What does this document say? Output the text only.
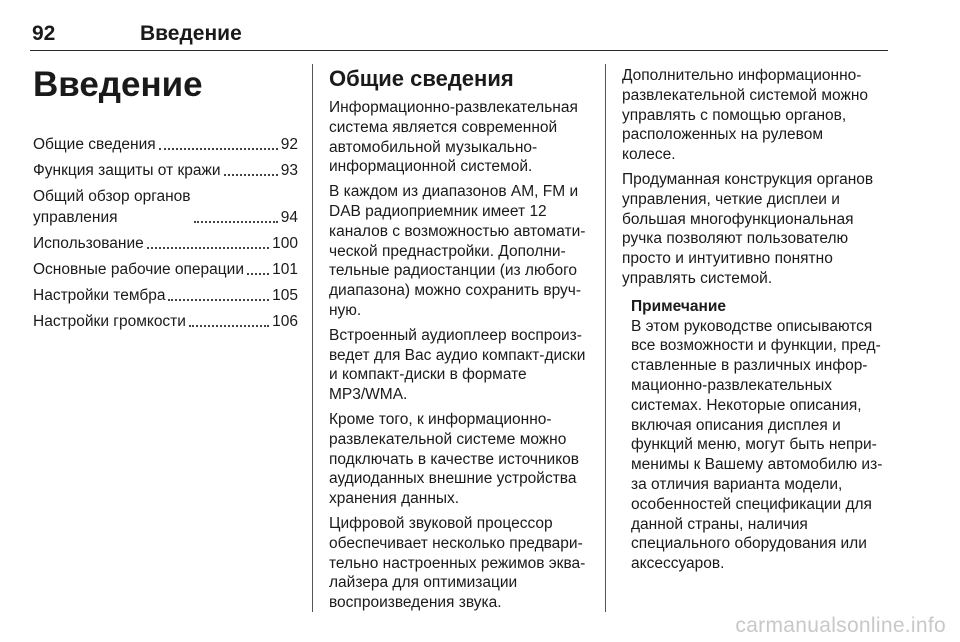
92	Введение
Введение
Общие сведения	92
Функция защиты от кражи	93
Общий обзор органов
управления	94
Использование	100
Основные рабочие операции 101
Настройки тембра	105
Настройки громкости	106
Общие сведения

Информационно-развлекательная
система является современной
автомобильной музыкально-
информационной системой.

В каждом из диапазонов AM, FM и
DAB радиоприемник имеет 12
каналов с возможностью автомати-
ческой преднастройки. Дополни-
тельные радиостанции (из любого
диапазона) можно сохранить вруч-
ную.

Встроенный аудиоплеер воспроиз-
ведет для Вас аудио компакт-диски
и компакт-диски в формате
MP3/WMA.

Кроме того, к информационно-
развлекательной системе можно
подключать в качестве источников
аудиоданных внешние устройства
хранения данных.

Цифровой звуковой процессор
обеспечивает несколько предвари-
тельно настроенных режимов эква-
лайзера для оптимизации
воспроизведения звука.

Дополнительно информационно-
развлекательной системой можно
управлять с помощью органов,
расположенных на рулевом
колесе.

Продуманная конструкция органов
управления, четкие дисплеи и
большая многофункциональная
ручка позволяют пользователю
просто и интуитивно понятно
управлять системой.

Примечание

В этом руководстве описываются
все возможности и функции, пред-
ставленные в различных инфор-
мационно-развлекательных
системах. Некоторые описания,
включая описания дисплея и
функций меню, могут быть непри-
менимы к Вашему автомобилю из-
за отличия варианта модели,
особенностей спецификации для
данной страны, наличия
специального оборудования или
аксессуаров.

carmanualsonline.info
